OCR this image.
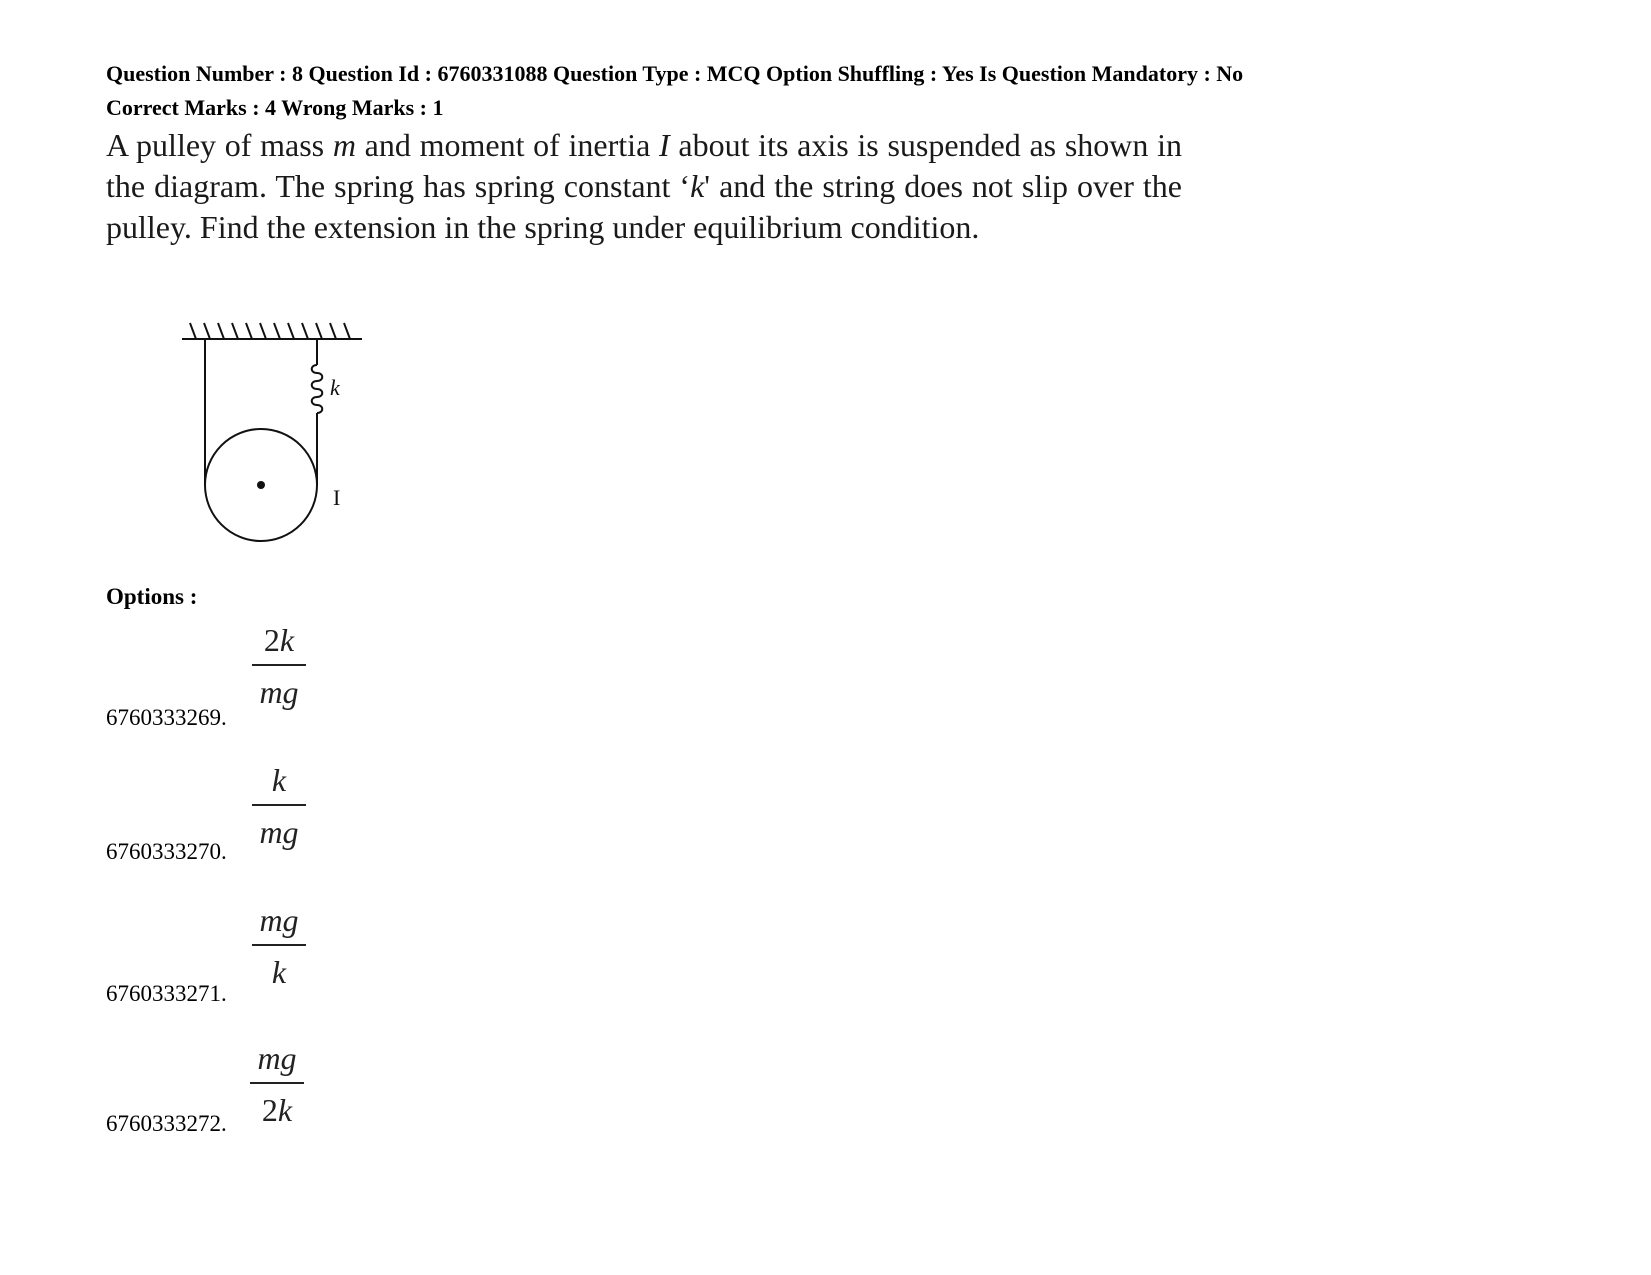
Question Number : 8 Question Id : 6760331088 Question Type : MCQ Option Shuffling : Yes Is Question Mandatory : No
Correct Marks : 4 Wrong Marks : 1
A pulley of mass m and moment of inertia I about its axis is suspended as shown in the diagram. The spring has spring constant ‘k' and the string does not slip over the pulley. Find the extension in the spring under equilibrium condition.
k
I
Options :
2k
mg
6760333269.
k
mg
6760333270.
mg
k
6760333271.
mg
2k
6760333272.
